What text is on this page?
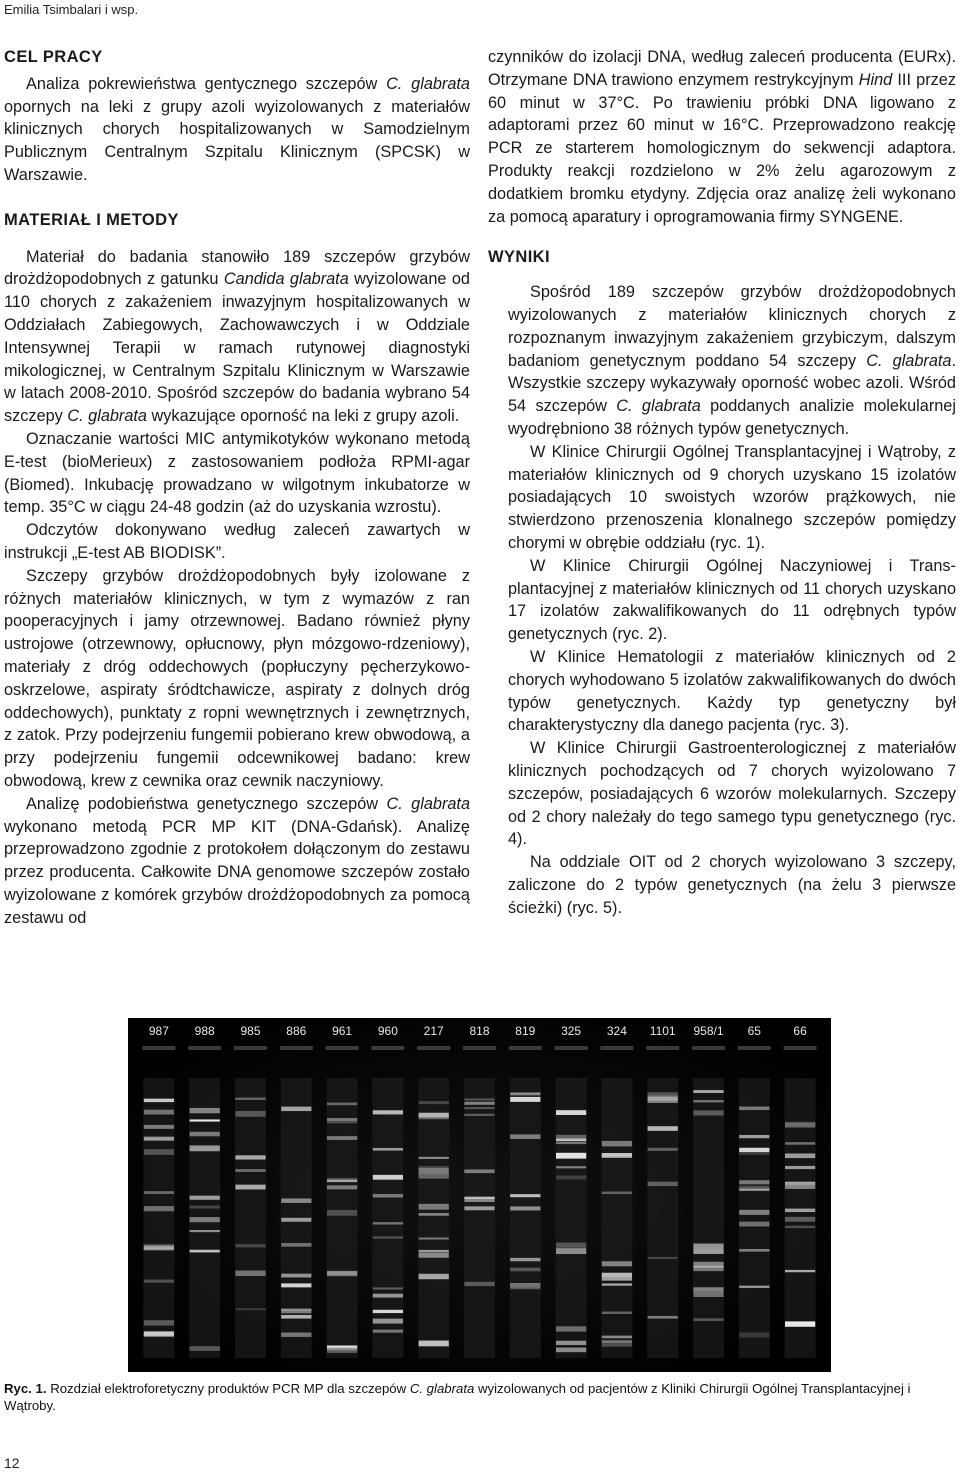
Emilia Tsimbalari i wsp.
CEL PRACY

Analiza pokrewieństwa gentycznego szczepów C. glabrata opornych na leki z grupy azoli wyizolowanych z materiałów klinicznych chorych hospitalizowanych w Samodzielnym Publicznym Centralnym Szpitalu Klinicznym (SPCSK) w Warszawie.

MATERIAŁ I METODY

Materiał do badania stanowiło 189 szczepów grzybów drożdżopodobnych z gatunku Candida glabrata wyizolowane od 110 chorych z zakażeniem inwazyjnym hospitalizowanych w Oddziałach Zabiegowych, Zachowawczych i w Oddziale Intensywnej Terapii w ramach rutynowej diagnostyki mikologicznej, w Centralnym Szpitalu Klinicznym w Warszawie w latach 2008-2010. Spośród szczepów do badania wybrano 54 szczepy C. glabrata wykazujące oporność na leki z grupy azoli.

Oznaczanie wartości MIC antymikotyków wykonano metodą E-test (bioMerieux) z zastosowaniem podłoża RPMI-agar (Biomed). Inkubację prowadzano w wilgotnym inkubatorze w temp. 35°C w ciągu 24-48 godzin (aż do uzyskania wzrostu).

Odczytów dokonywano według zaleceń zawartych w instrukcji „E-test AB BIODISK”.

Szczepy grzybów drożdżopodobnych były izolowane z różnych materiałów klinicznych, w tym z wymazów z ran pooperacyjnych i jamy otrzewnowej. Badano również płyny ustrojowe (otrzewnowy, opłucnowy, płyn mózgowo-rdzeniowy), materiały z dróg oddechowych (popłuczyny pęcherzykowo-oskrzelowe, aspiraty śródtchawicze, aspiraty z dolnych dróg oddechowych), punktaty z ropni wewnętrznych i zewnętrznych, z zatok. Przy podejrzeniu fungemii pobierano krew obwodową, a przy podejrzeniu fungemii odcewnikowej badano: krew obwodową, krew z cewnika oraz cewnik naczyniowy.

Analizę podobieństwa genetycznego szczepów C. glabrata wykonano metodą PCR MP KIT (DNA-Gdańsk). Analizę przeprowadzono zgodnie z protokołem dołączonym do zestawu przez producenta. Całkowite DNA genomowe szczepów zostało wyizolowane z komórek grzybów drożdżopodobnych za pomocą zestawu od

czynników do izolacji DNA, według zaleceń producenta (EURx). Otrzymane DNA trawiono enzymem restrykcyjnym Hind III przez 60 minut w 37°C. Po trawieniu próbki DNA ligowano z adaptorami przez 60 minut w 16°C. Przeprowadzono reakcję PCR ze starterem homologicznym do sekwencji adaptora. Produkty reakcji rozdzielono w 2% żelu agarozowym z dodatkiem bromku etydyny. Zdjęcia oraz analizę żeli wykonano za pomocą aparatury i oprogramowania firmy SYNGENE.

WYNIKI

Spośród 189 szczepów grzybów drożdżopodobnych wyizolowanych z materiałów klinicznych chorych z rozpoznanym inwazyjnym zakażeniem grzybiczym, dalszym badaniom genetycznym poddano 54 szczepy C. glabrata. Wszystkie szczepy wykazywały oporność wobec azoli. Wśród 54 szczepów C. glabrata poddanych analizie molekularnej wyodrębniono 38 różnych typów genetycznych.

W Klinice Chirurgii Ogólnej Transplantacyjnej i Wątroby, z materiałów klinicznych od 9 chorych uzyskano 15 izolatów posiadających 10 swoistych wzorów prążkowych, nie stwierdzono przenoszenia klonalnego szczepów pomiędzy chorymi w obrębie oddziału (ryc. 1).

W Klinice Chirurgii Ogólnej Naczyniowej i Transplantacyjnej z materiałów klinicznych od 11 chorych uzyskano 17 izolatów zakwalifikowanych do 11 odrębnych typów genetycznych (ryc. 2).

W Klinice Hematologii z materiałów klinicznych od 2 chorych wyhodowano 5 izolatów zakwalifikowanych do dwóch typów genetycznych. Każdy typ genetyczny był charakterystyczny dla danego pacjenta (ryc. 3).

W Klinice Chirurgii Gastroenterologicznej z materiałów klinicznych pochodzących od 7 chorych wyizolowano 7 szczepów, posiadających 6 wzorów molekularnych. Szczepy od 2 chory należały do tego samego typu genetycznego (ryc. 4).

Na oddziale OIT od 2 chorych wyizolowano 3 szczepy, zaliczone do 2 typów genetycznych (na żelu 3 pierwsze ścieżki) (ryc. 5).

987 988 985 886 961 960 217 818 819 325 324 1101 958/1 65	66
Ryc. 1. Rozdział elektroforetyczny produktów PCR MP dla szczepów C. glabrata wyizolowanych od pacjentów z Kliniki Chirurgii Ogólnej Transplantacyjnej i Wątroby.
12
